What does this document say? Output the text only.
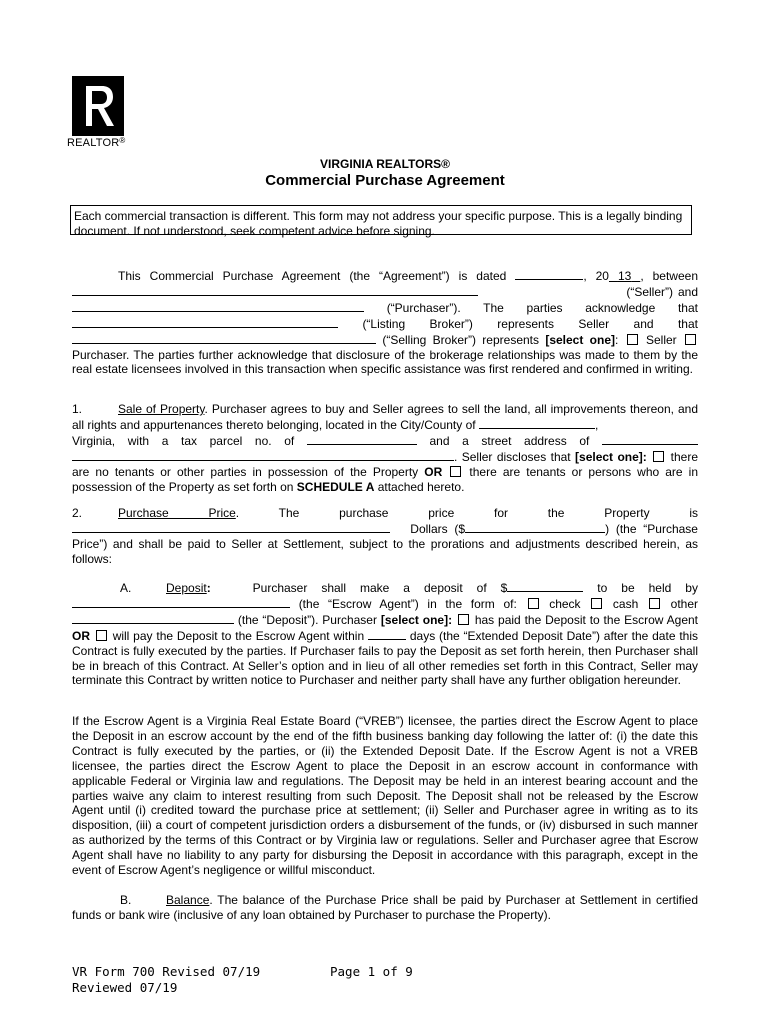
REALTOR®
VIRGINIA REALTORS®
Commercial Purchase Agreement
Each commercial transaction is different. This form may not address your specific purpose. This is a legally binding document. If not understood, seek competent advice before signing.

This Commercial Purchase Agreement (the “Agreement”) is dated	, 20 13 , between

(“Seller”) and

(“Purchaser”). The parties acknowledge that

(“Listing Broker”) represents Seller and that

(“Selling Broker”) represents [select one]: Seller

Purchaser. The parties further acknowledge that disclosure of the brokerage relationships was made to them by the real estate licensees involved in this transaction when specific assistance was first rendered and confirmed in writing.

1.	Sale of Property. Purchaser agrees to buy and Seller agrees to sell the land, all improvements thereon, and all rights and appurtenances thereto belonging, located in the City/County of	,

Virginia, with a tax parcel no. of	and a street address of

. Seller discloses that [select one]: there

are no tenants or other parties in possession of the Property OR there are tenants or persons who are in possession of the Property as set forth on SCHEDULE A attached hereto.

2.	Purchase Price. The purchase price for the Property is

Dollars ($	) (the “Purchase Price”) and shall be paid to Seller at Settlement, subject to the prorations and adjustments described herein, as follows:

A.	Deposit:	Purchaser shall make a deposit of $	to be held by

(the “Escrow Agent”) in the form of:	check	cash	other

(the “Deposit”). Purchaser [select one]: has paid the Deposit to the Escrow Agent

OR will pay the Deposit to the Escrow Agent within	days (the “Extended Deposit Date”) after the date this Contract is fully executed by the parties. If Purchaser fails to pay the Deposit as set forth herein, then Purchaser shall be in breach of this Contract. At Seller’s option and in lieu of all other remedies set forth in this Contract, Seller may terminate this Contract by written notice to Purchaser and neither party shall have any further obligation hereunder.

If the Escrow Agent is a Virginia Real Estate Board (“VREB”) licensee, the parties direct the Escrow Agent to place the Deposit in an escrow account by the end of the fifth business banking day following the latter of: (i) the date this Contract is fully executed by the parties, or (ii) the Extended Deposit Date. If the Escrow Agent is not a VREB licensee, the parties direct the Escrow Agent to place the Deposit in an escrow account in conformance with applicable Federal or Virginia law and regulations. The Deposit may be held in an interest bearing account and the parties waive any claim to interest resulting from such Deposit. The Deposit shall not be released by the Escrow Agent until (i) credited toward the purchase price at settlement; (ii) Seller and Purchaser agree in writing as to its disposition, (iii) a court of competent jurisdiction orders a disbursement of the funds, or (iv) disbursed in such manner as authorized by the terms of this Contract or by Virginia law or regulations. Seller and Purchaser agree that Escrow Agent shall have no liability to any party for disbursing the Deposit in accordance with this paragraph, except in the event of Escrow Agent’s negligence or willful misconduct.

B.	Balance. The balance of the Purchase Price shall be paid by Purchaser at Settlement in certified funds or bank wire (inclusive of any loan obtained by Purchaser to purchase the Property).

VR Form 700 Revised 07/19
Reviewed 07/19
Page 1 of 9
